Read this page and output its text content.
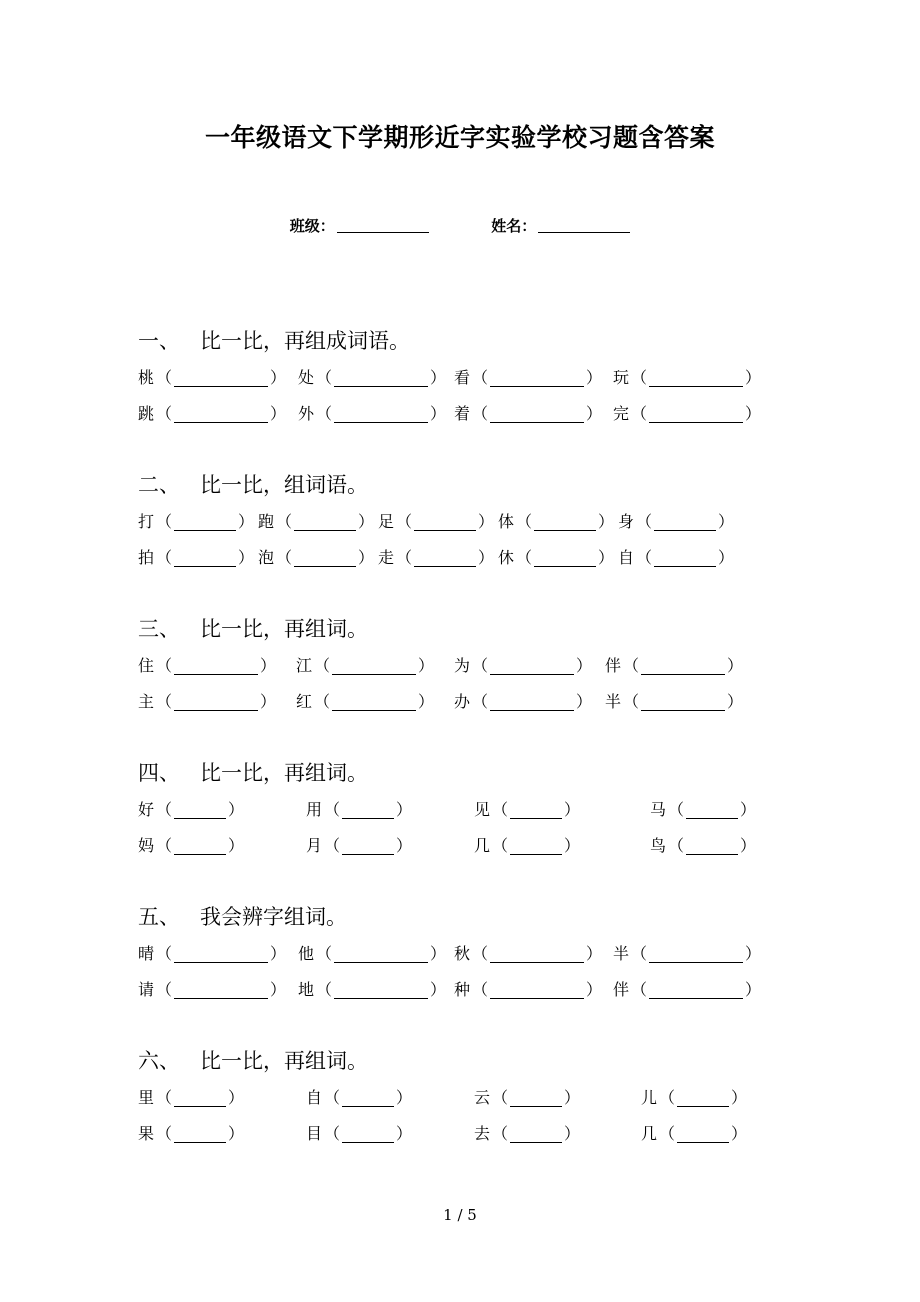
一年级语文下学期形近字实验学校习题含答案
班级：	姓名：
一、 比一比，再组成词语。
桃 （	） 处 （	） 看 （	） 玩 （	）
跳 （	） 外 （	） 着 （	） 完 （	）
二、 比一比，组词语。
打 （	） 跑 （	） 足 （	） 体 （	） 身 （	）
拍 （	） 泡 （	） 走 （	） 休 （	） 自 （	）
三、 比一比，再组词。
住 （	） 江 （	） 为 （	） 伴 （	）
主 （	） 红 （	） 办 （	） 半 （	）
四、 比一比，再组词。
好 （	）	用 （	）	见 （	）	马 （	）
妈 （	）	月 （	）	几 （	）	鸟 （	）
五、 我会辨字组词。
晴 （	） 他 （	） 秋 （	） 半 （	）
请 （	） 地 （	） 种 （	） 伴 （	）
六、 比一比，再组词。
里 （	）	自 （	）	云 （	）	儿 （	）
果 （	）	目 （	）	去 （	）	几 （	）
1 / 5
